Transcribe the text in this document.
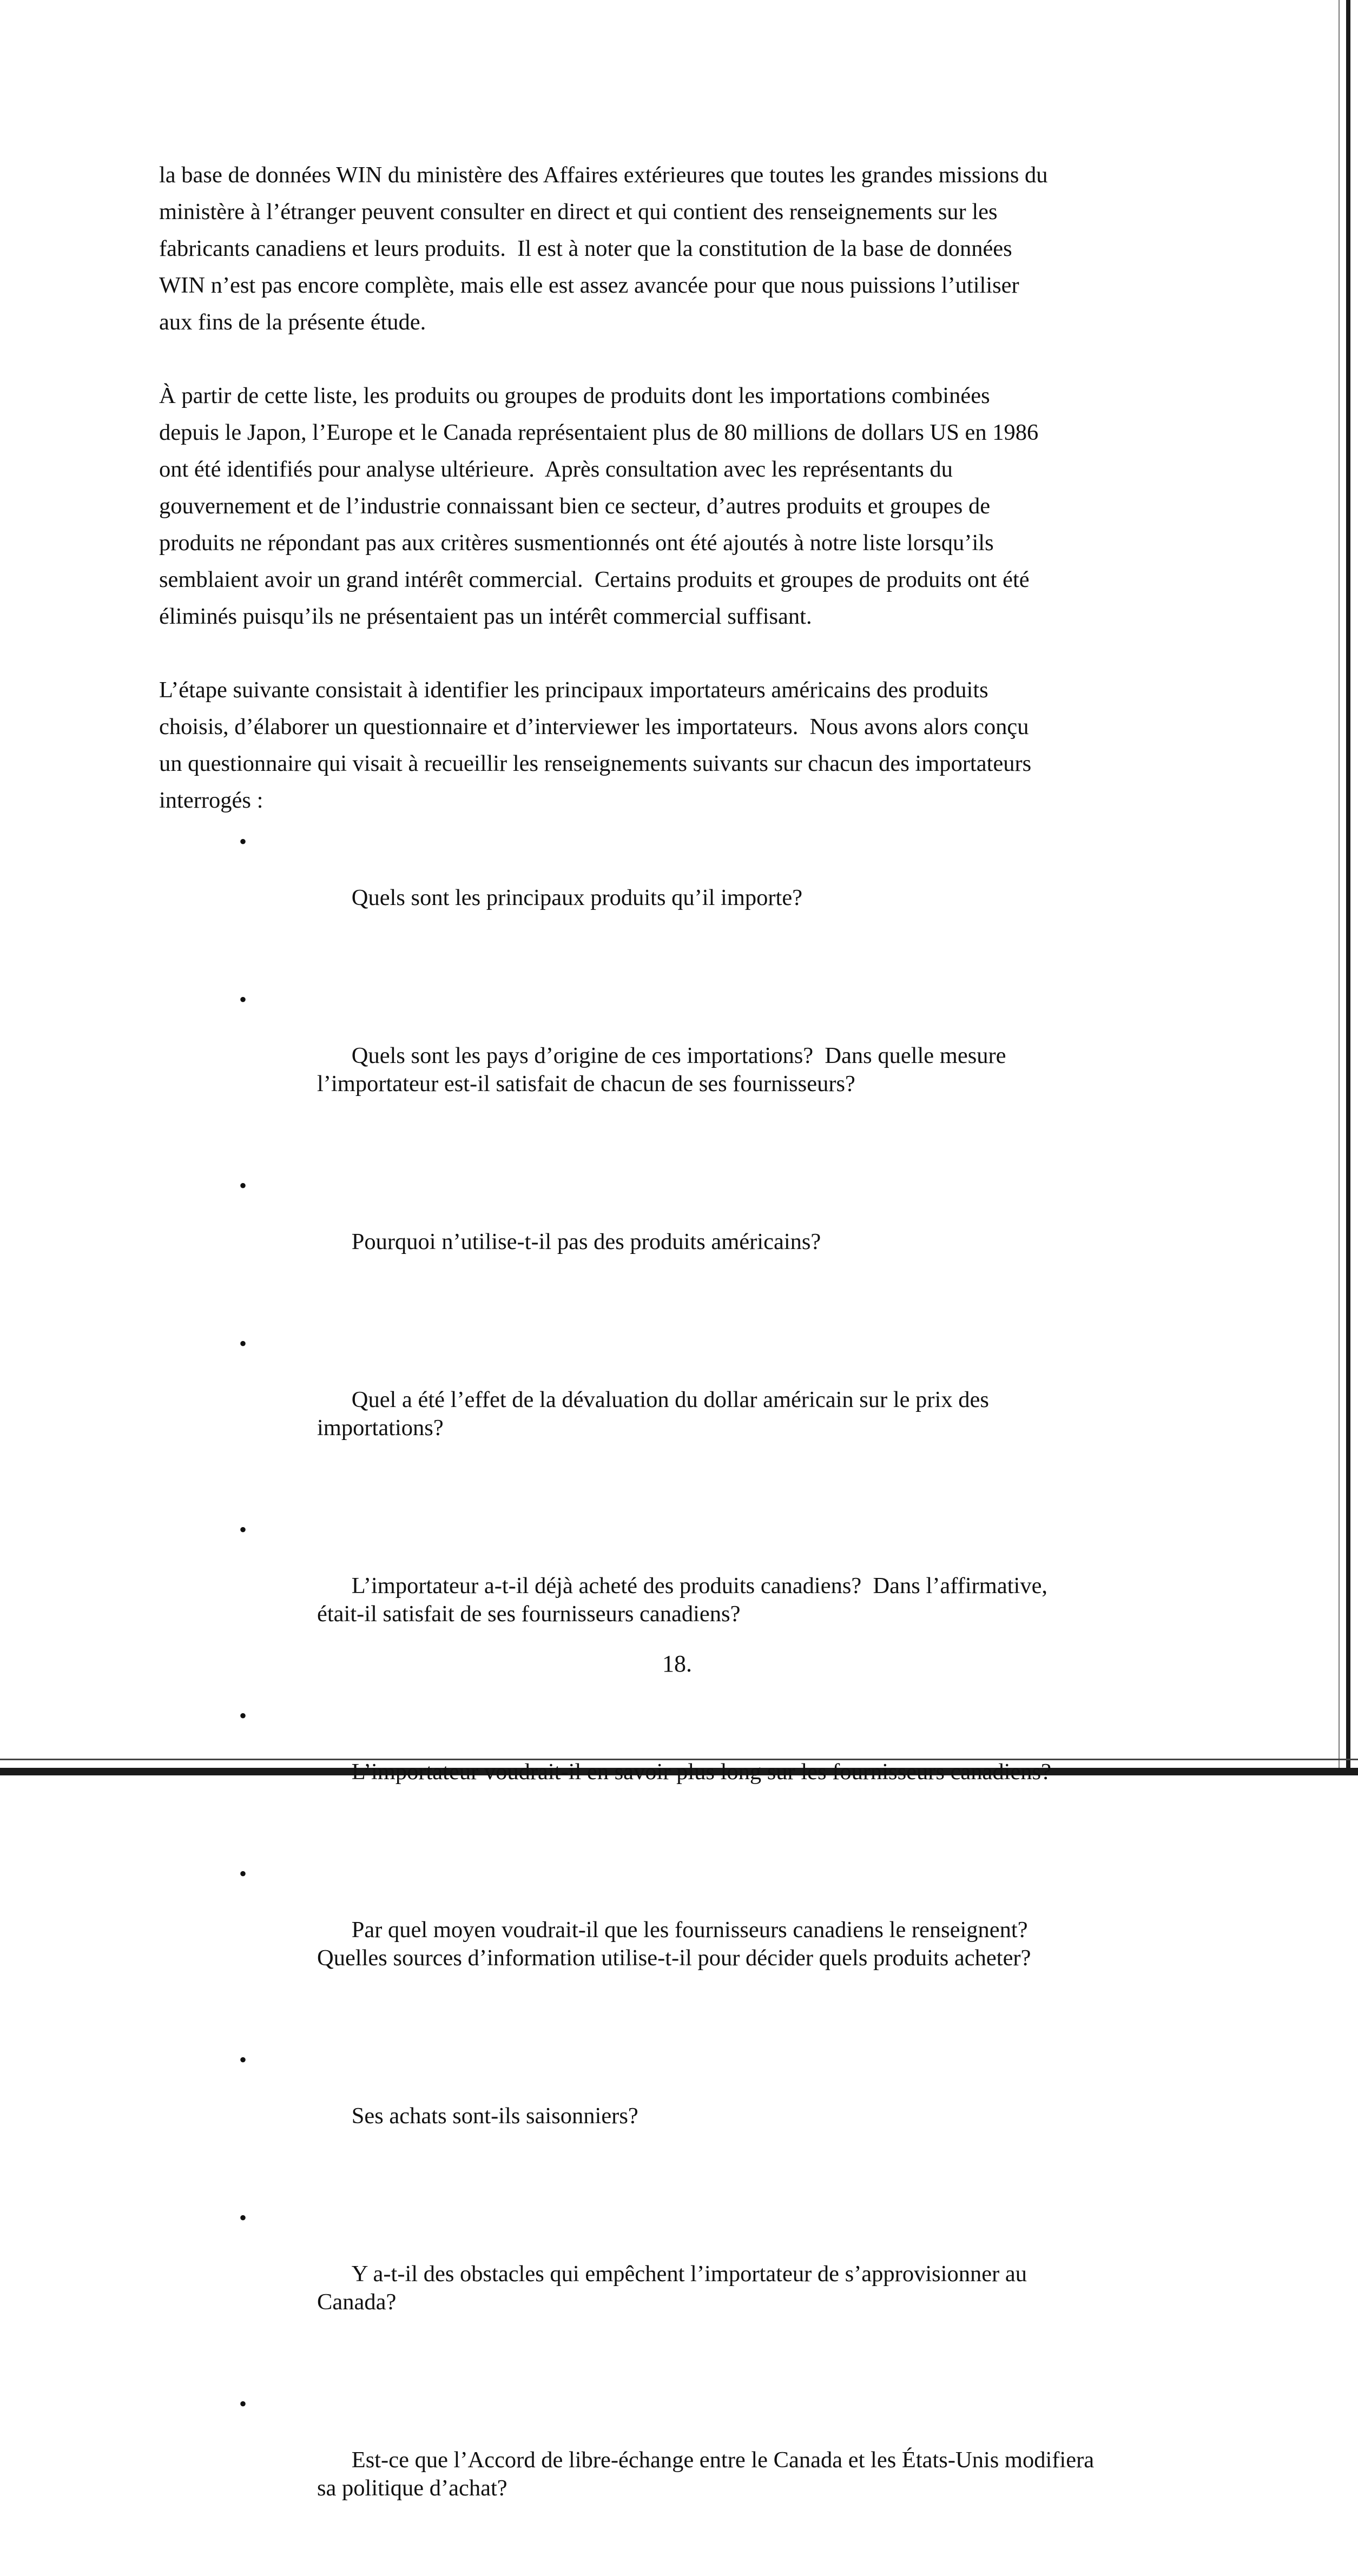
la base de données WIN du ministère des Affaires extérieures que toutes les grandes missions du
ministère à l’étranger peuvent consulter en direct et qui contient des renseignements sur les
fabricants canadiens et leurs produits.  Il est à noter que la constitution de la base de données
WIN n’est pas encore complète, mais elle est assez avancée pour que nous puissions l’utiliser
aux fins de la présente étude.

À partir de cette liste, les produits ou groupes de produits dont les importations combinées
depuis le Japon, l’Europe et le Canada représentaient plus de 80 millions de dollars US en 1986
ont été identifiés pour analyse ultérieure.  Après consultation avec les représentants du
gouvernement et de l’industrie connaissant bien ce secteur, d’autres produits et groupes de
produits ne répondant pas aux critères susmentionnés ont été ajoutés à notre liste lorsqu’ils
semblaient avoir un grand intérêt commercial.  Certains produits et groupes de produits ont été
éliminés puisqu’ils ne présentaient pas un intérêt commercial suffisant.

L’étape suivante consistait à identifier les principaux importateurs américains des produits
choisis, d’élaborer un questionnaire et d’interviewer les importateurs.  Nous avons alors conçu
un questionnaire qui visait à recueillir les renseignements suivants sur chacun des importateurs
interrogés :

•

Quels sont les principaux produits qu’il importe?

•

Quels sont les pays d’origine de ces importations?  Dans quelle mesure
l’importateur est-il satisfait de chacun de ses fournisseurs?

•

Pourquoi n’utilise-t-il pas des produits américains?

•

Quel a été l’effet de la dévaluation du dollar américain sur le prix des
importations?

•

L’importateur a-t-il déjà acheté des produits canadiens?  Dans l’affirmative,
était-il satisfait de ses fournisseurs canadiens?

•

L’importateur voudrait-il en savoir plus long sur les fournisseurs canadiens?

•

Par quel moyen voudrait-il que les fournisseurs canadiens le renseignent?
Quelles sources d’information utilise-t-il pour décider quels produits acheter?

•

Ses achats sont-ils saisonniers?

•

Y a-t-il des obstacles qui empêchent l’importateur de s’approvisionner au
Canada?

•

Est-ce que l’Accord de libre-échange entre le Canada et les États-Unis modifiera
sa politique d’achat?

18.
